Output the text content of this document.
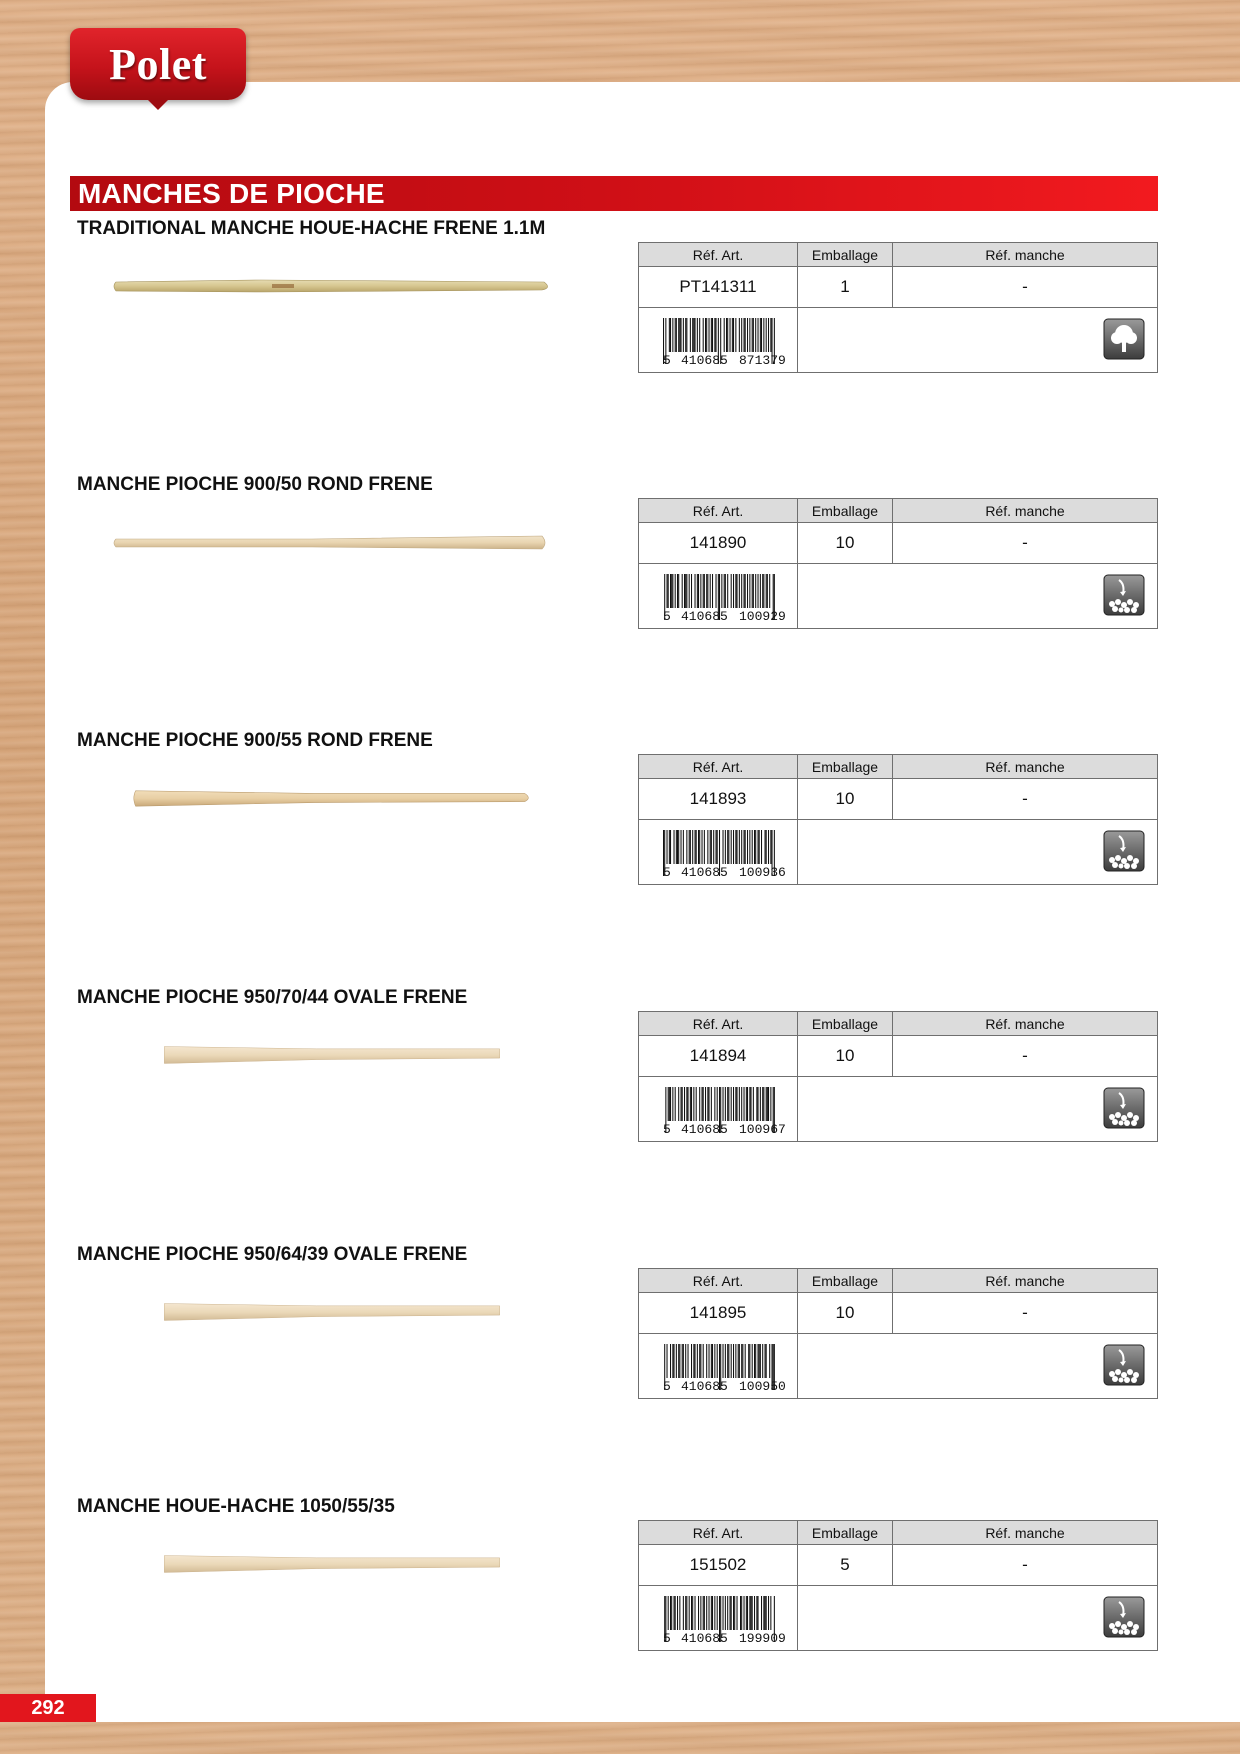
Polet
MANCHES DE PIOCHE
TRADITIONAL MANCHE HOUE-HACHE FRENE 1.1M
Réf. Art.	Emballage	Réf. manche
PT141311	1	-
5 410685 871379
MANCHE PIOCHE 900/50 ROND FRENE
Réf. Art.	Emballage	Réf. manche
141890	10	-
5 410685 100929
MANCHE PIOCHE 900/55 ROND FRENE
Réf. Art.	Emballage	Réf. manche
141893	10	-
5 410685 100936
MANCHE PIOCHE 950/70/44 OVALE FRENE
Réf. Art.	Emballage	Réf. manche
141894	10	-
5 410685 100967
MANCHE PIOCHE 950/64/39 OVALE FRENE
Réf. Art.	Emballage	Réf. manche
141895	10	-
5 410685 100950
MANCHE HOUE-HACHE 1050/55/35
Réf. Art.	Emballage	Réf. manche
151502	5	-
5 410685 199909
292
